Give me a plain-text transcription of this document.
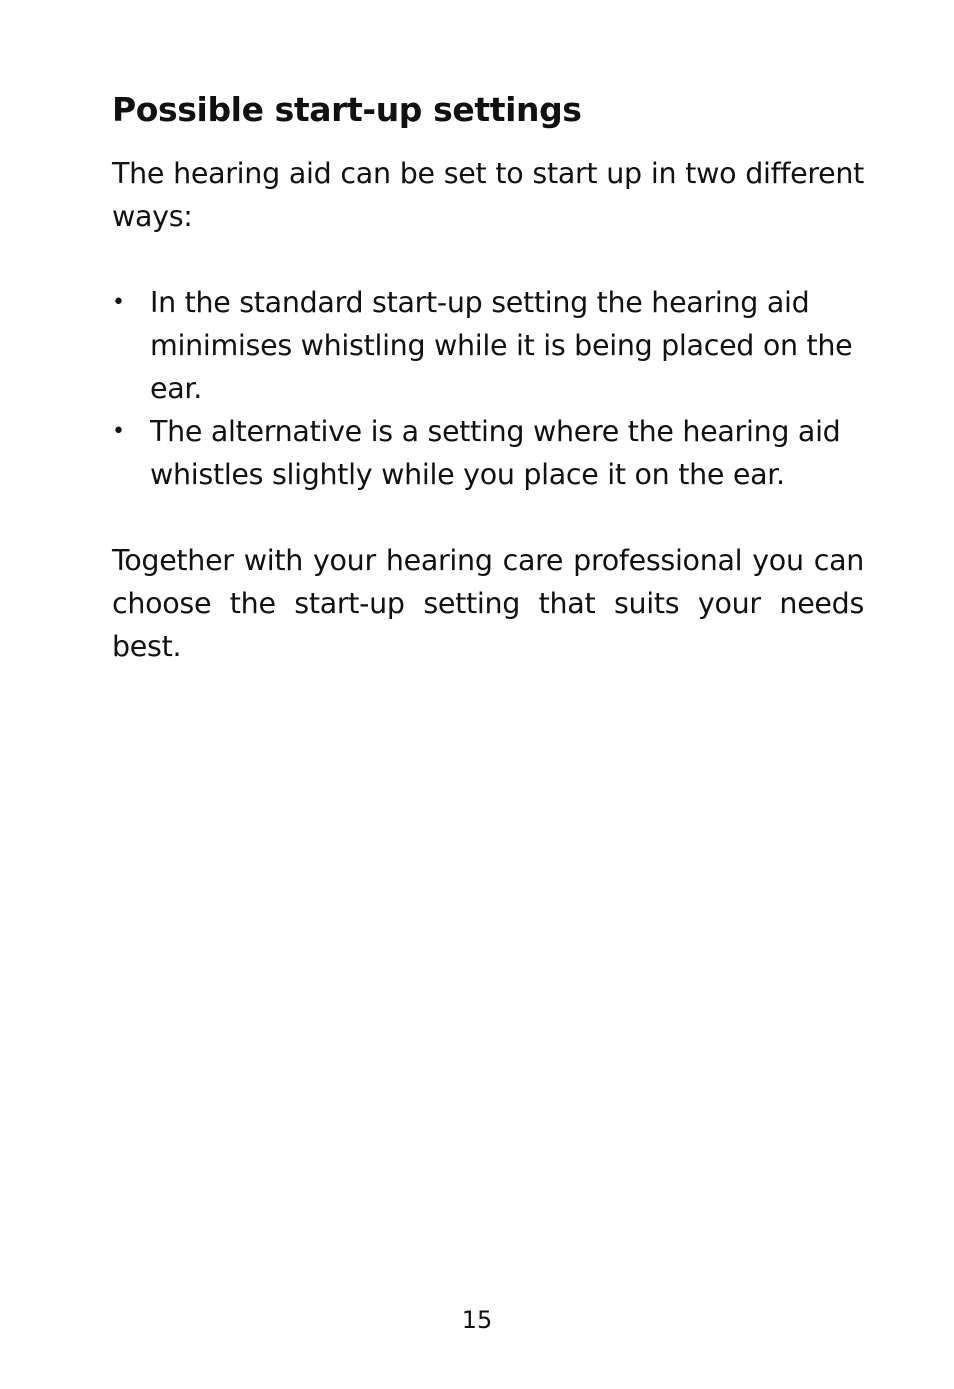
Possible start-up settings

The hearing aid can be set to start up in two different ways:

• In the standard start-up setting the hearing aid minimises whistling while it is being placed on the ear.
• The alternative is a setting where the hearing aid whistles slightly while you place it on the ear.

Together with your hearing care professional you can choose the start-up setting that suits your needs best.

15
